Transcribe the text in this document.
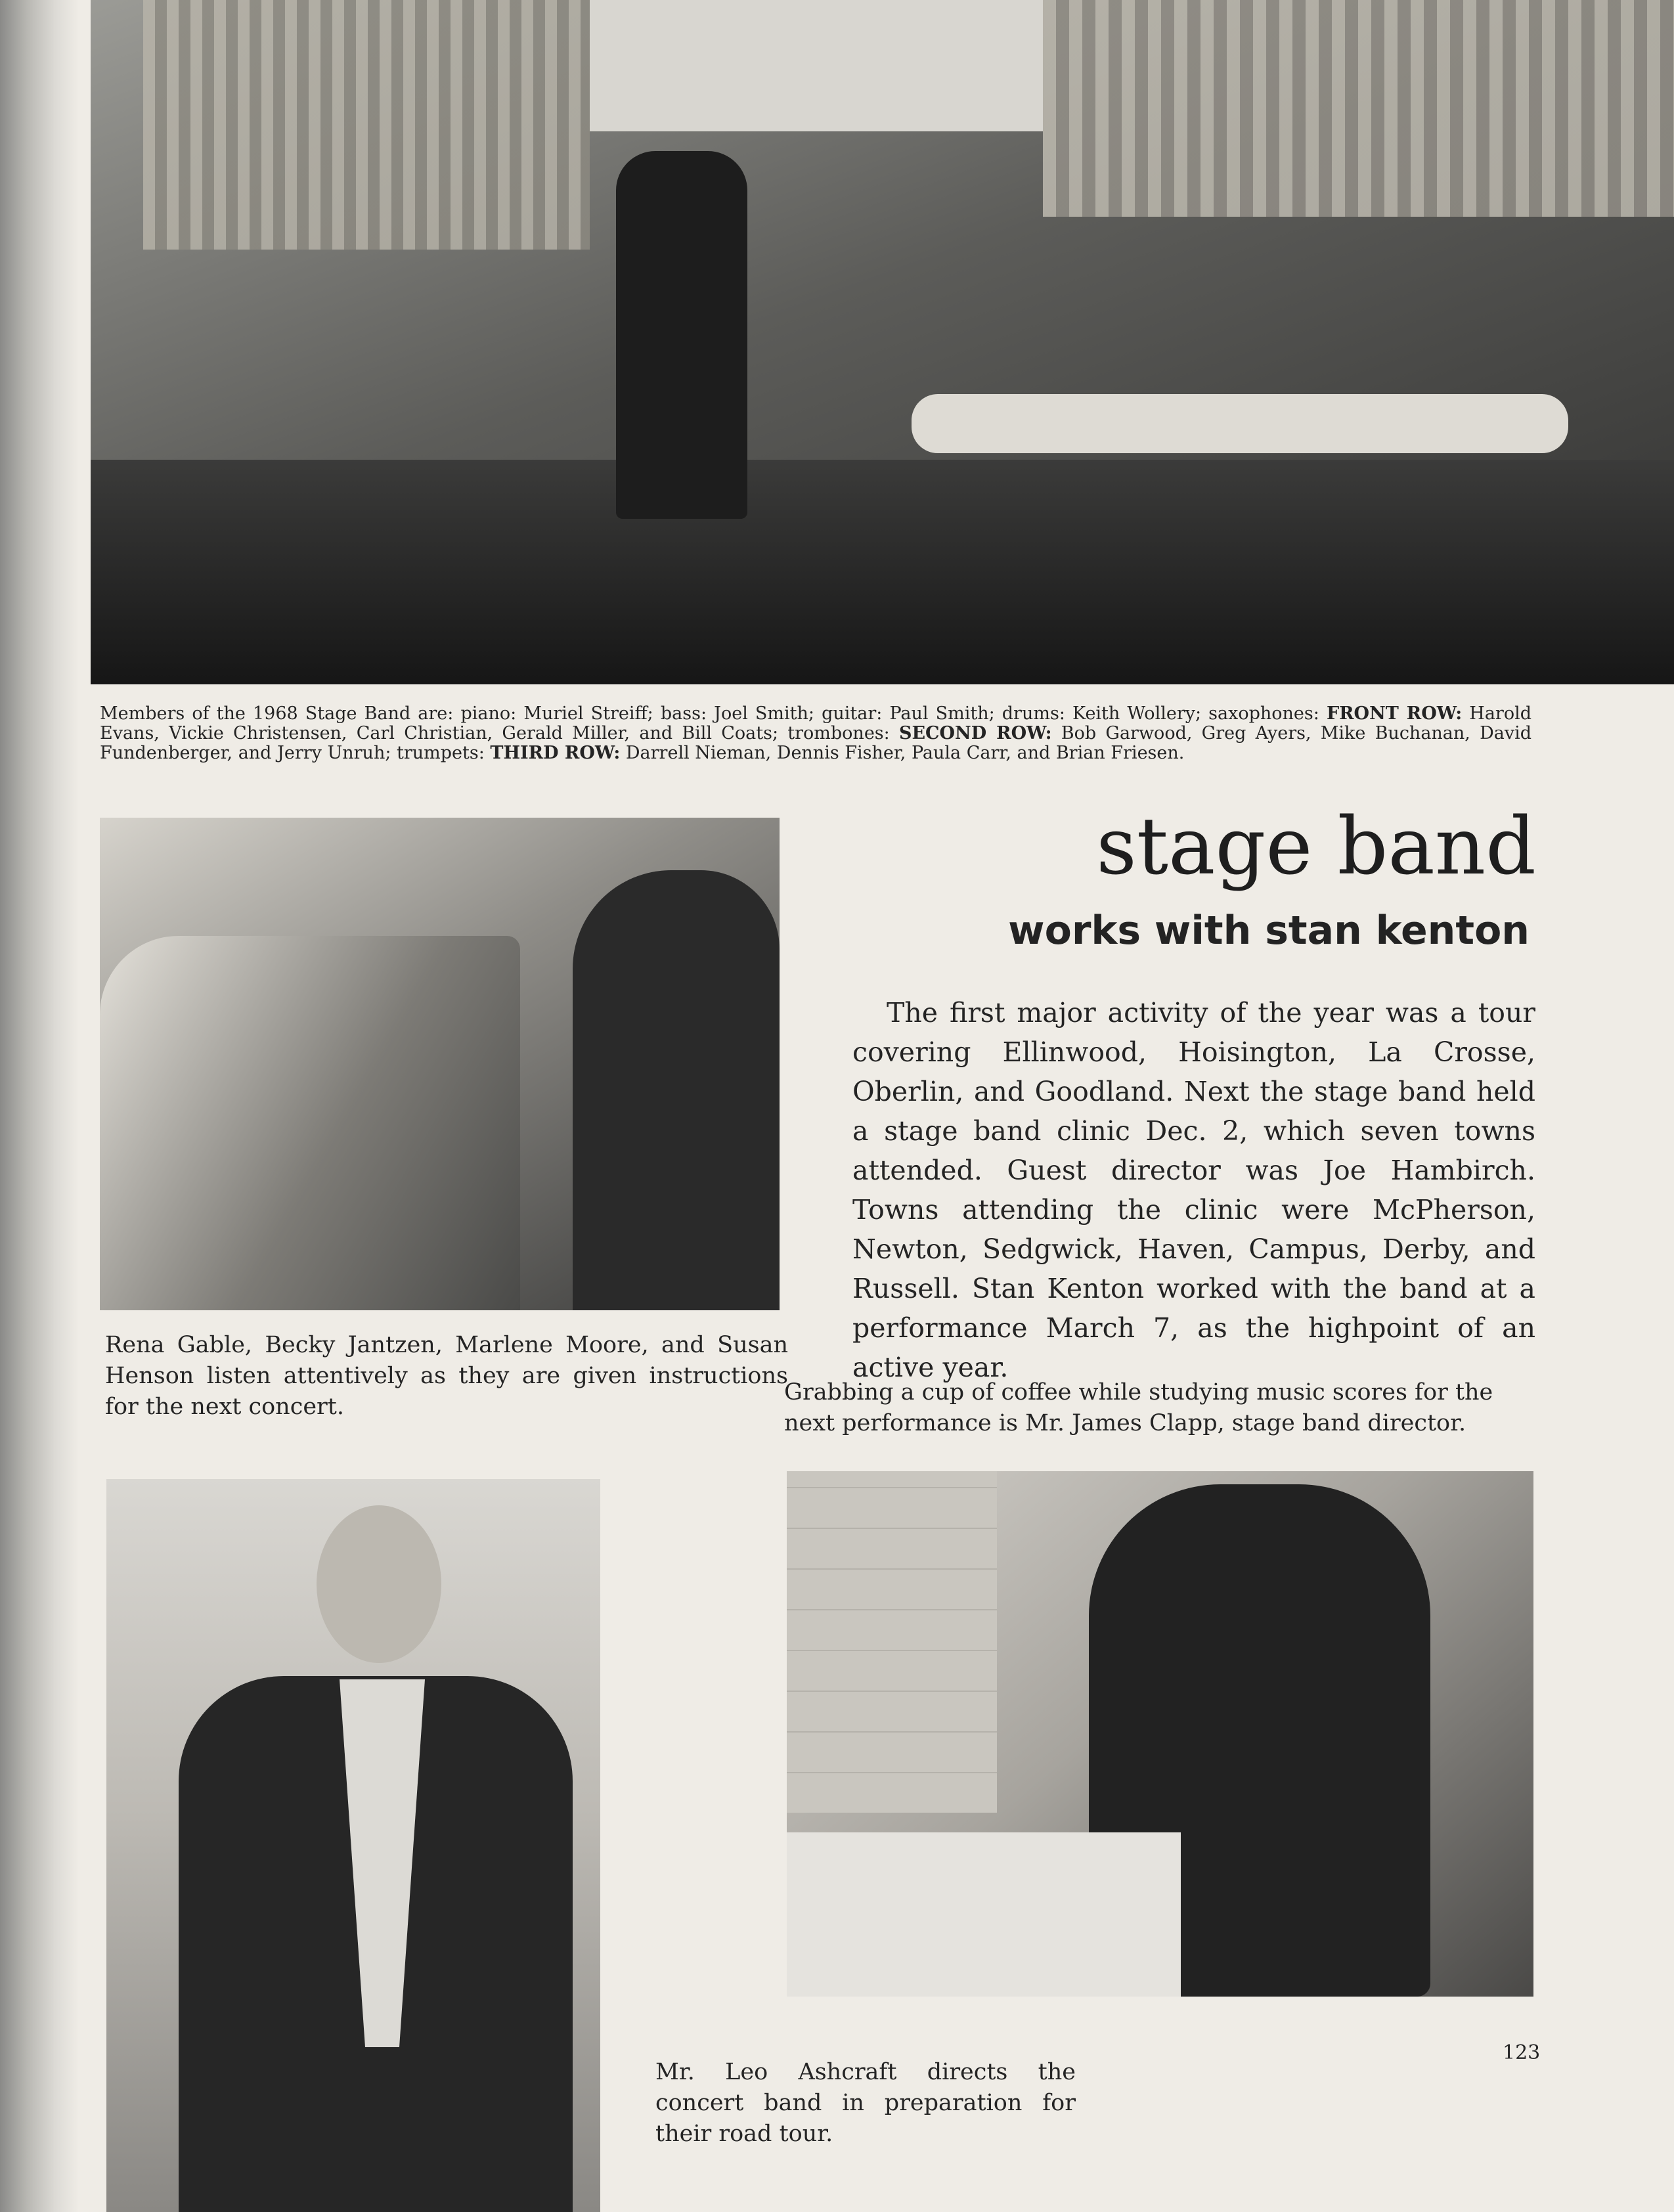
Members of the 1968 Stage Band are: piano: Muriel Streiff; bass: Joel Smith; guitar: Paul Smith; drums: Keith Wollery; saxophones: FRONT ROW: Harold Evans, Vickie Christensen, Carl Christian, Gerald Miller, and Bill Coats; trombones: SECOND ROW: Bob Garwood, Greg Ayers, Mike Buchanan, David Fundenberger, and Jerry Unruh; trumpets: THIRD ROW: Darrell Nieman, Dennis Fisher, Paula Carr, and Brian Friesen.

stage band
works with stan kenton

The first major activity of the year was a tour covering Ellinwood, Hoisington, La Crosse, Oberlin, and Goodland. Next the stage band held a stage band clinic Dec. 2, which seven towns attended. Guest director was Joe Hambirch. Towns attending the clinic were McPherson, Newton, Sedgwick, Haven, Campus, Derby, and Russell. Stan Kenton worked with the band at a performance March 7, as the highpoint of an active year.

Rena Gable, Becky Jantzen, Marlene Moore, and Susan Henson listen attentively as they are given instructions for the next concert.

Grabbing a cup of coffee while studying music scores for the next performance is Mr. James Clapp, stage band director.

Mr. Leo Ashcraft directs the concert band in preparation for their road tour.

123
